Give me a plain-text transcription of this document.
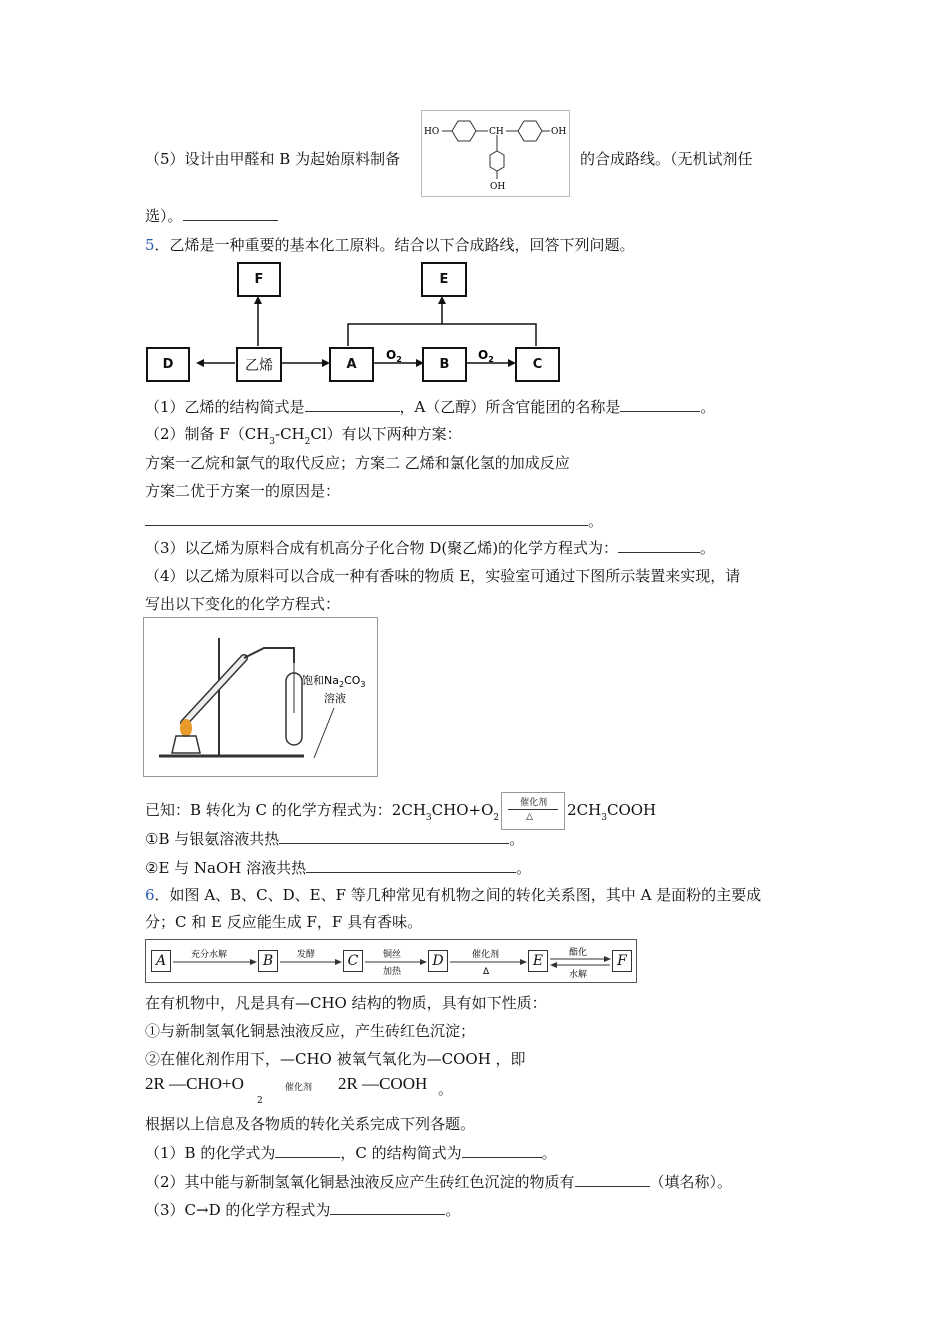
（5）设计由甲醛和 B 为起始原料制备
HO	CH	OH
OH
的合成路线。（无机试剂任
选）。
5．乙烯是一种重要的基本化工原料。结合以下合成路线，回答下列问题。
$O_2$	$O_2$
F	E
D	乙烯	A	B	C
（1）乙烯的结构简式是	，A（乙醇）所含官能团的名称是	。
（2）制备 $F(CH_3-CH_2Cl)$有以下两种方案：
方案一乙烷和氯气的取代反应；方案二 乙烯和氯化氢的加成反应
方案二优于方案一的原因是：
。
（3）以乙烯为原料合成有机高分子化合物 D(聚乙烯)的化学方程式为：	。
（4）以乙烯为原料可以合成一种有香味的物质 E，实验室可通过下图所示装置来实现，请
写出以下变化的化学方程式：
饱和$Na_2CO_3$
溶液
已知：B 转化为 C 的化学方程式为：$2CH_3CHO+O_2$
催化剂
△ $2CH_3COOH$
①B 与银氨溶液共热	。
②E 与 NaOH 溶液共热	。
6．如图 A、B、C、D、E、F 等几种常见有机物之间的转化关系图，其中 A 是面粉的主要成
分；C 和 E 反应能生成 F，F 具有香味。
A	B	C	D	E	F
充分水解	发酵	铜丝
加热
催化剂
Δ
酯化
水解
在有机物中，凡是具有—CHO 结构的物质，具有如下性质：
①与新制氢氧化铜悬浊液反应，产生砖红色沉淀；
②在催化剂作用下，—CHO 被氧气氧化为—COOH ，即
2R —CHO+O
2
催化剂 2R —COOH 。
根据以上信息及各物质的转化关系完成下列各题。
（1）B 的化学式为	，C 的结构简式为	。
（2）其中能与新制氢氧化铜悬浊液反应产生砖红色沉淀的物质有	（填名称）。
（3）C→D 的化学方程式为	。
